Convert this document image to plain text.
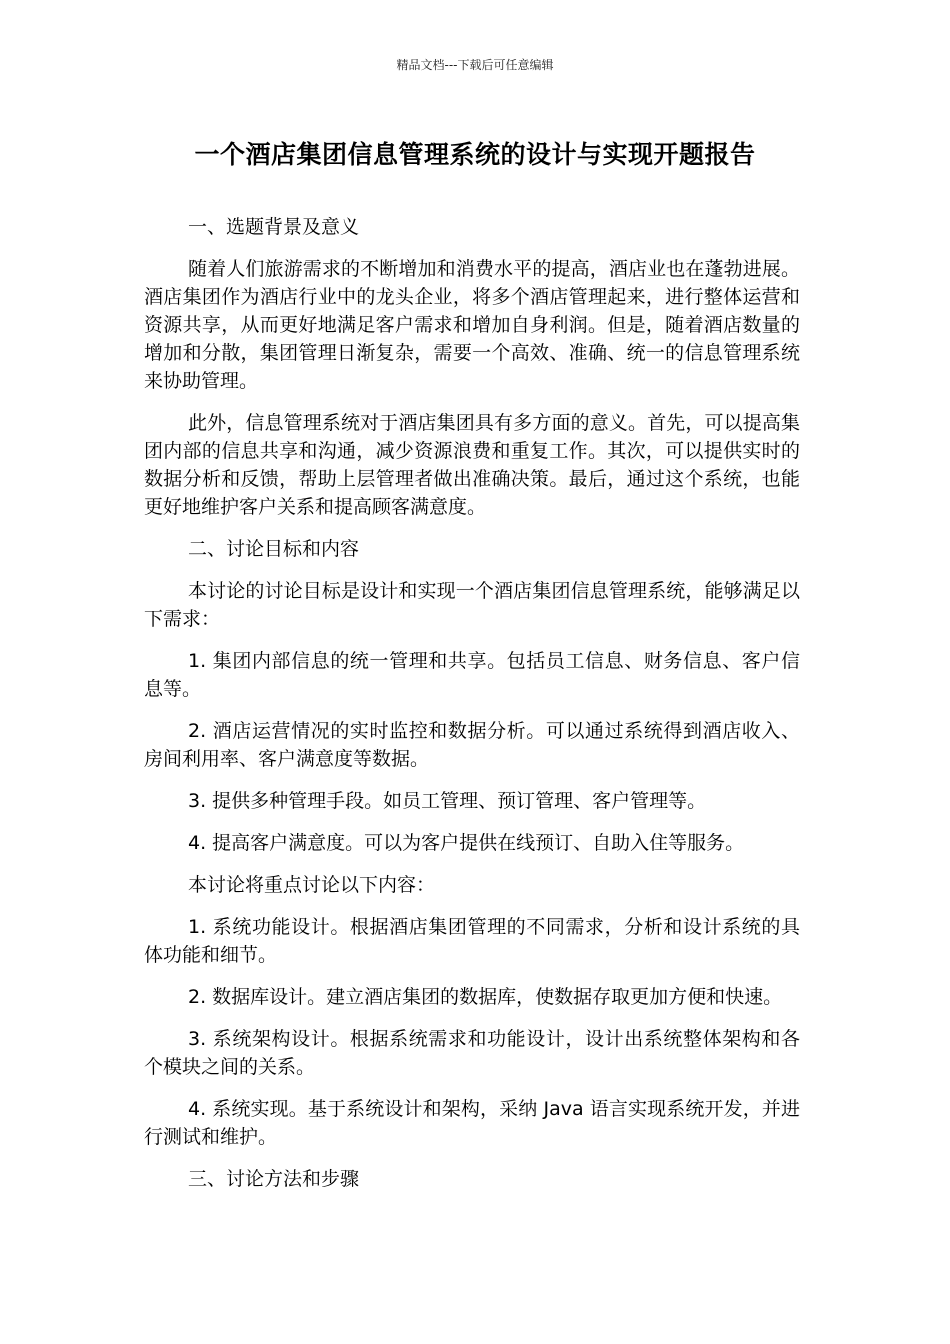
精品文档---下载后可任意编辑
一个酒店集团信息管理系统的设计与实现开题报告

一、选题背景及意义

随着人们旅游需求的不断增加和消费水平的提高，酒店业也在蓬勃进展。酒店集团作为酒店行业中的龙头企业，将多个酒店管理起来，进行整体运营和资源共享，从而更好地满足客户需求和增加自身利润。但是，随着酒店数量的增加和分散，集团管理日渐复杂，需要一个高效、准确、统一的信息管理系统来协助管理。

此外，信息管理系统对于酒店集团具有多方面的意义。首先，可以提高集团内部的信息共享和沟通，减少资源浪费和重复工作。其次，可以提供实时的数据分析和反馈，帮助上层管理者做出准确决策。最后，通过这个系统，也能更好地维护客户关系和提高顾客满意度。

二、讨论目标和内容

本讨论的讨论目标是设计和实现一个酒店集团信息管理系统，能够满足以下需求：

1. 集团内部信息的统一管理和共享。包括员工信息、财务信息、客户信息等。

2. 酒店运营情况的实时监控和数据分析。可以通过系统得到酒店收入、房间利用率、客户满意度等数据。

3. 提供多种管理手段。如员工管理、预订管理、客户管理等。

4. 提高客户满意度。可以为客户提供在线预订、自助入住等服务。

本讨论将重点讨论以下内容：

1. 系统功能设计。根据酒店集团管理的不同需求，分析和设计系统的具体功能和细节。

2. 数据库设计。建立酒店集团的数据库，使数据存取更加方便和快速。

3. 系统架构设计。根据系统需求和功能设计，设计出系统整体架构和各个模块之间的关系。

4. 系统实现。基于系统设计和架构，采纳 Java 语言实现系统开发，并进行测试和维护。

三、讨论方法和步骤
